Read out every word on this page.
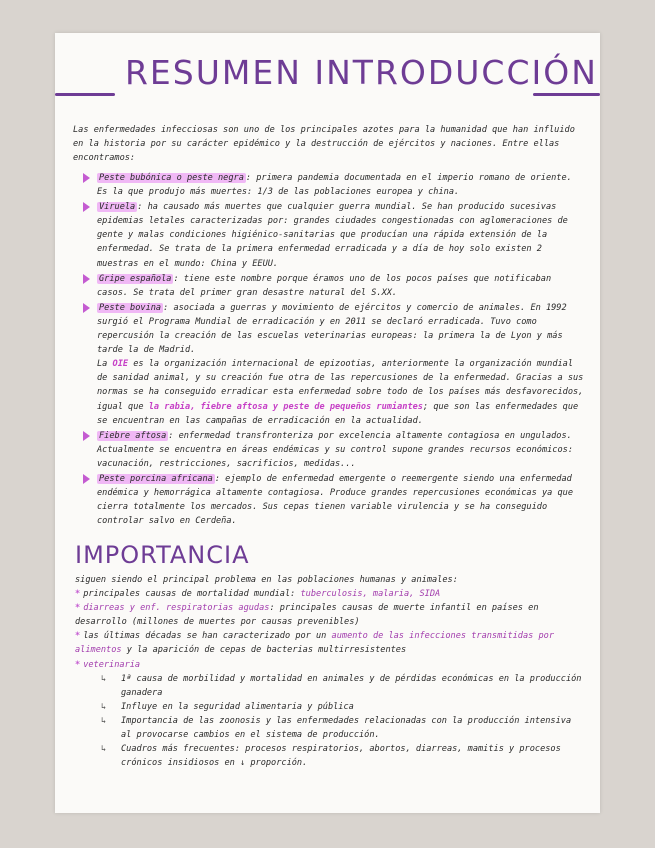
RESUMEN INTRODUCCIÓN
Las enfermedades infecciosas son uno de los principales azotes para la humanidad que han influido en la historia por su carácter epidémico y la destrucción de ejércitos y naciones. Entre ellas encontramos:
Peste bubónica o peste negra : primera pandemia documentada en el imperio romano de oriente. Es la que produjo más muertes: 1/3 de las poblaciones europea y china.
Viruela : ha causado más muertes que cualquier guerra mundial. Se han producido sucesivas epidemias letales caracterizadas por: grandes ciudades congestionadas con aglomeraciones de gente y malas condiciones higiénico-sanitarias que producían una rápida extensión de la enfermedad. Se trata de la primera enfermedad erradicada y a día de hoy solo existen 2 muestras en el mundo: China y EEUU.
Gripe española : tiene este nombre porque éramos uno de los pocos países que notificaban casos. Se trata del primer gran desastre natural del S.XX.
Peste bovina : asociada a guerras y movimiento de ejércitos y comercio de animales. En 1992 surgió el Programa Mundial de erradicación y en 2011 se declaró erradicada. Tuvo como repercusión la creación de las escuelas veterinarias europeas: la primera la de Lyon y más tarde la de Madrid.
La OIE es la organización internacional de epizootias, anteriormente la organización mundial de sanidad animal, y su creación fue otra de las repercusiones de la enfermedad. Gracias a sus normas se ha conseguido erradicar esta enfermedad sobre todo de los países más desfavorecidos, igual que la rabia, fiebre aftosa y peste de pequeños rumiantes; que son las enfermedades que se encuentran en las campañas de erradicación en la actualidad.
Fiebre aftosa : enfermedad transfronteriza por excelencia altamente contagiosa en ungulados. Actualmente se encuentra en áreas endémicas y su control supone grandes recursos económicos: vacunación, restricciones, sacrificios, medidas...
Peste porcina africana : ejemplo de enfermedad emergente o reemergente siendo una enfermedad endémica y hemorrágica altamente contagiosa. Produce grandes repercusiones económicas ya que cierra totalmente los mercados. Sus cepas tienen variable virulencia y se ha conseguido controlar salvo en Cerdeña.
IMPORTANCIA
siguen siendo el principal problema en las poblaciones humanas y animales:
* principales causas de mortalidad mundial: tuberculosis, malaria, SIDA
* diarreas y enf. respiratorias agudas: principales causas de muerte infantil en países en desarrollo (millones de muertes por causas prevenibles)
* las últimas décadas se han caracterizado por un aumento de las infecciones transmitidas por alimentos y la aparición de cepas de bacterias multirresistentes
* veterinaria
↳ 1ª causa de morbilidad y mortalidad en animales y de pérdidas económicas en la producción ganadera
↳ Influye en la seguridad alimentaria y pública
↳ Importancia de las zoonosis y las enfermedades relacionadas con la producción intensiva al provocarse cambios en el sistema de producción.
↳ Cuadros más frecuentes: procesos respiratorios, abortos, diarreas, mamitis y procesos crónicos insidiosos en ↓ proporción.
